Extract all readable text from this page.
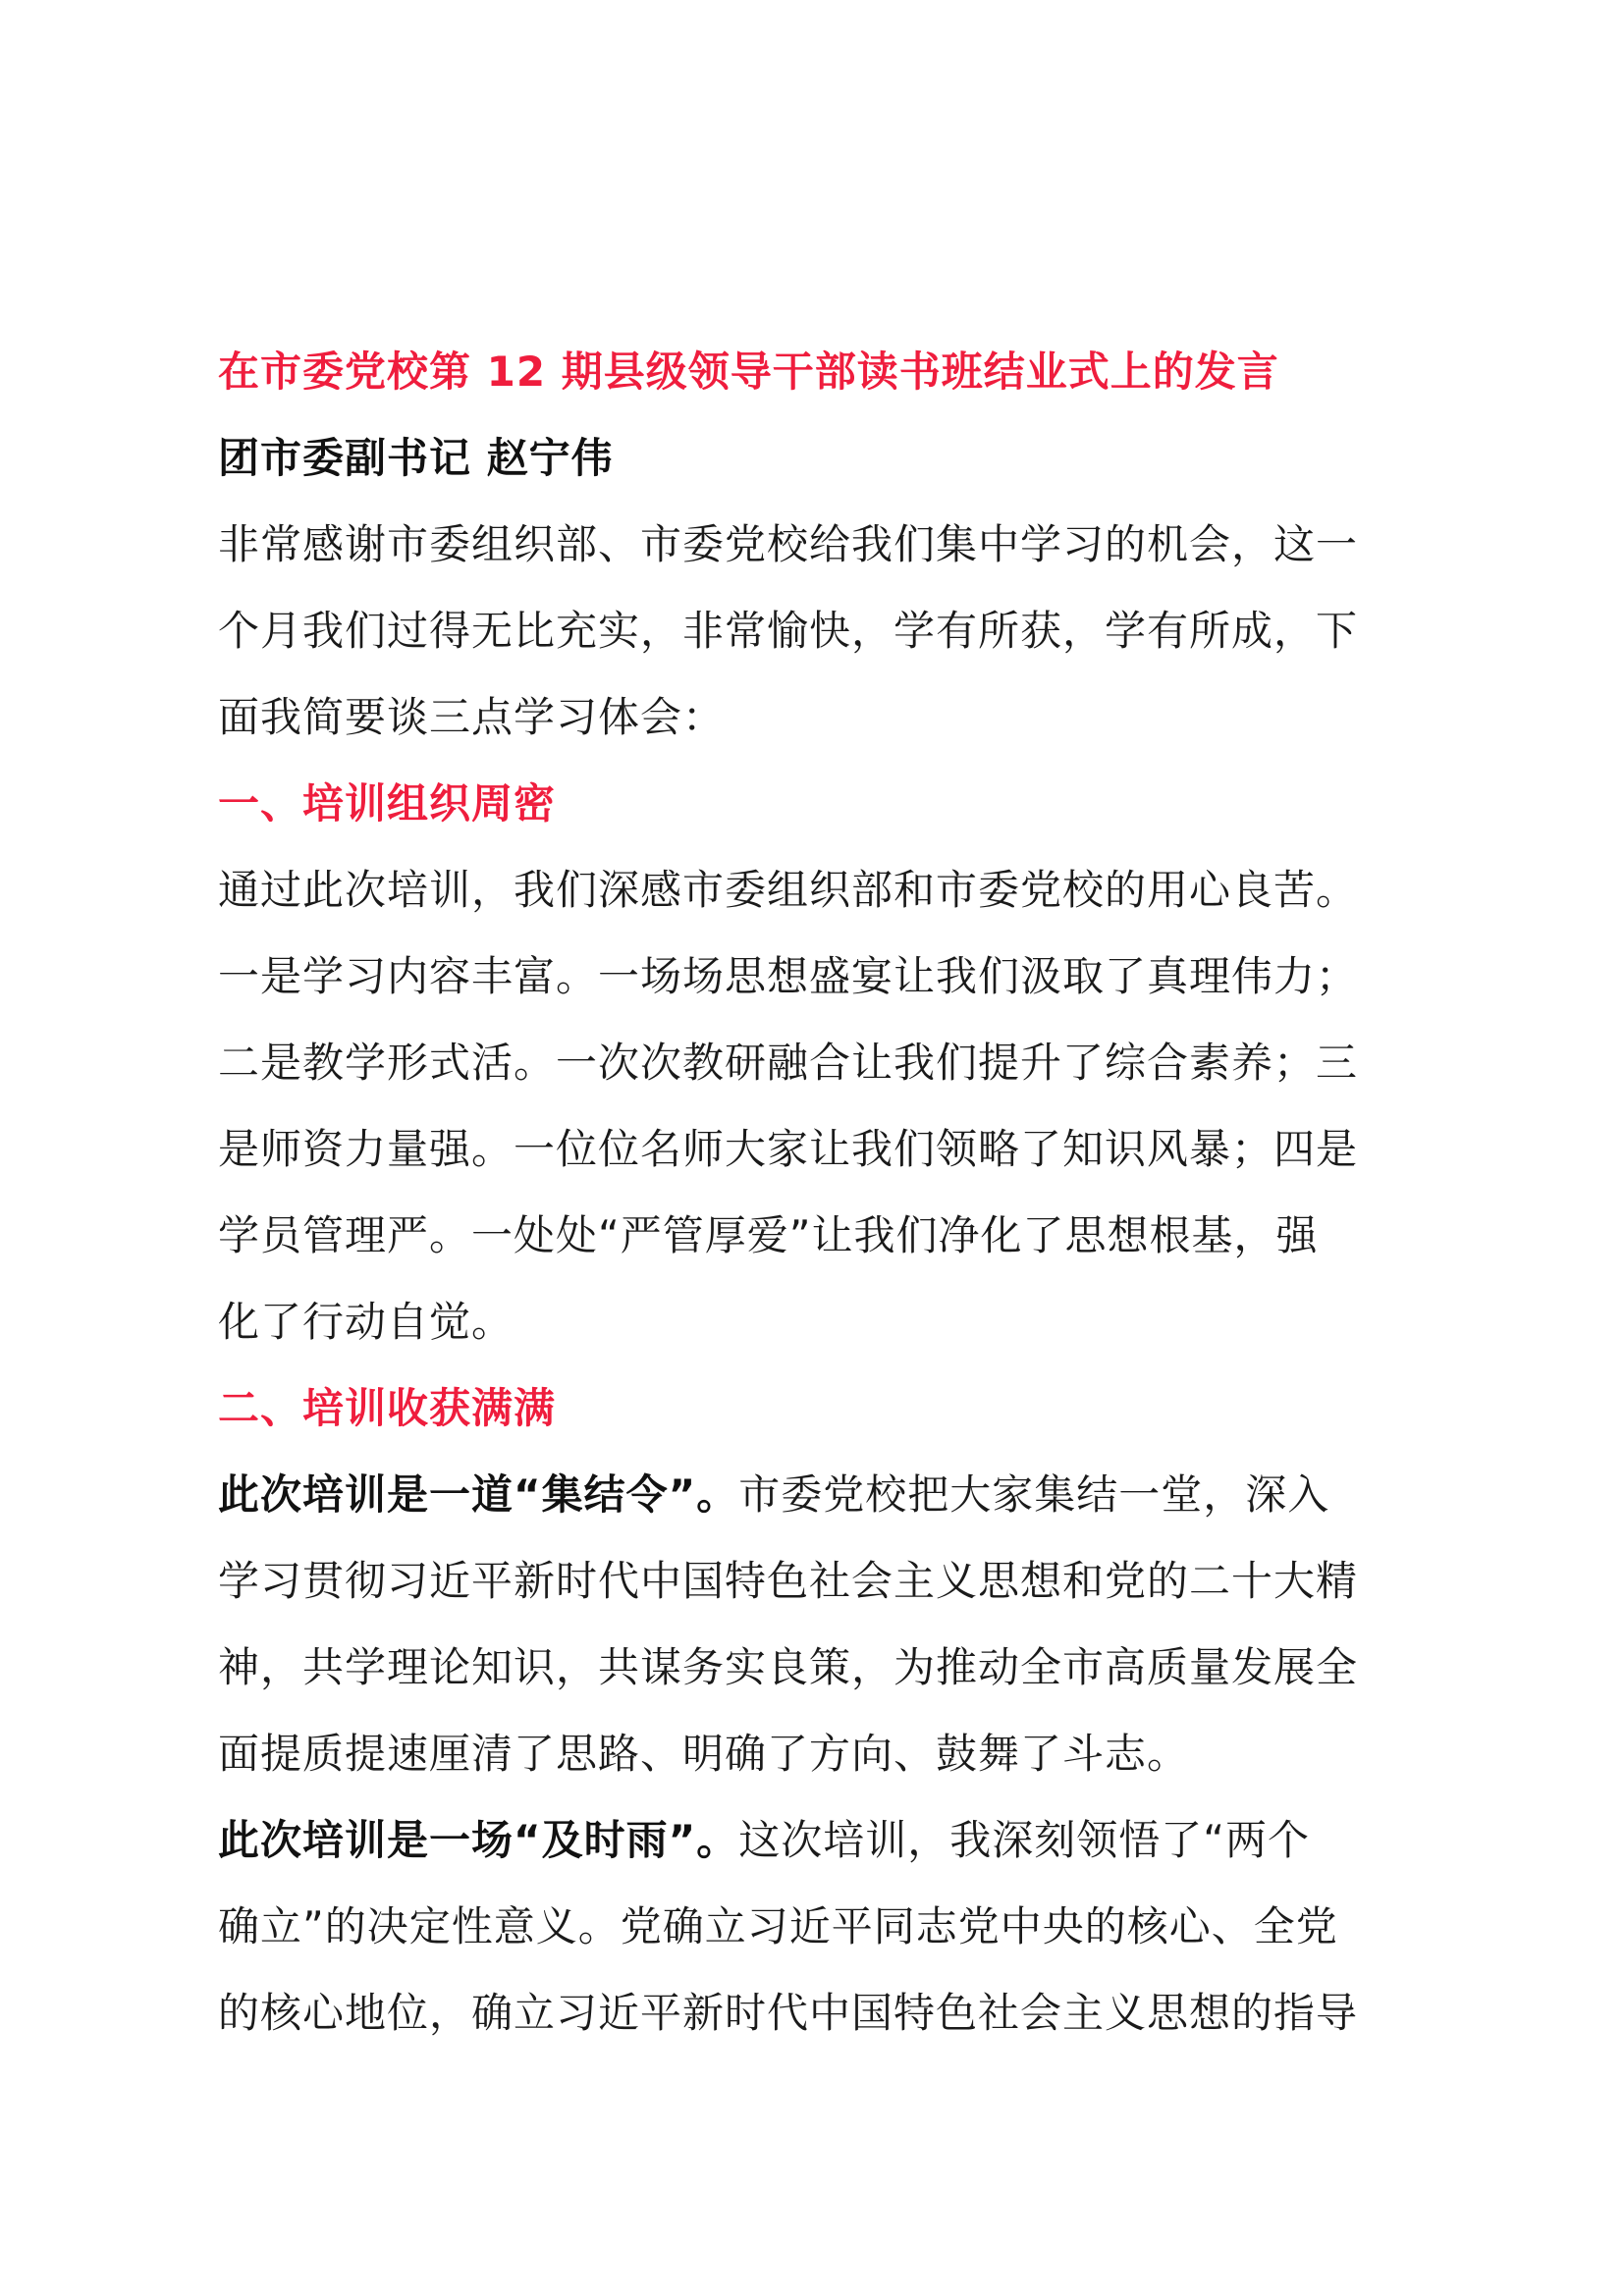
在市委党校第 12 期县级领导干部读书班结业式上的发言
团市委副书记 赵宁伟
非常感谢市委组织部、市委党校给我们集中学习的机会，这一
个月我们过得无比充实，非常愉快，学有所获，学有所成，下
面我简要谈三点学习体会：
一、培训组织周密
通过此次培训，我们深感市委组织部和市委党校的用心良苦。
一是学习内容丰富。一场场思想盛宴让我们汲取了真理伟力；
二是教学形式活。一次次教研融合让我们提升了综合素养；三
是师资力量强。一位位名师大家让我们领略了知识风暴；四是
学员管理严。一处处“严管厚爱”让我们净化了思想根基，强
化了行动自觉。
二、培训收获满满
此次培训是一道“集结令”。市委党校把大家集结一堂，深入
学习贯彻习近平新时代中国特色社会主义思想和党的二十大精
神，共学理论知识，共谋务实良策，为推动全市高质量发展全
面提质提速厘清了思路、明确了方向、鼓舞了斗志。
此次培训是一场“及时雨”。这次培训，我深刻领悟了“两个
确立”的决定性意义。党确立习近平同志党中央的核心、全党
的核心地位，确立习近平新时代中国特色社会主义思想的指导
